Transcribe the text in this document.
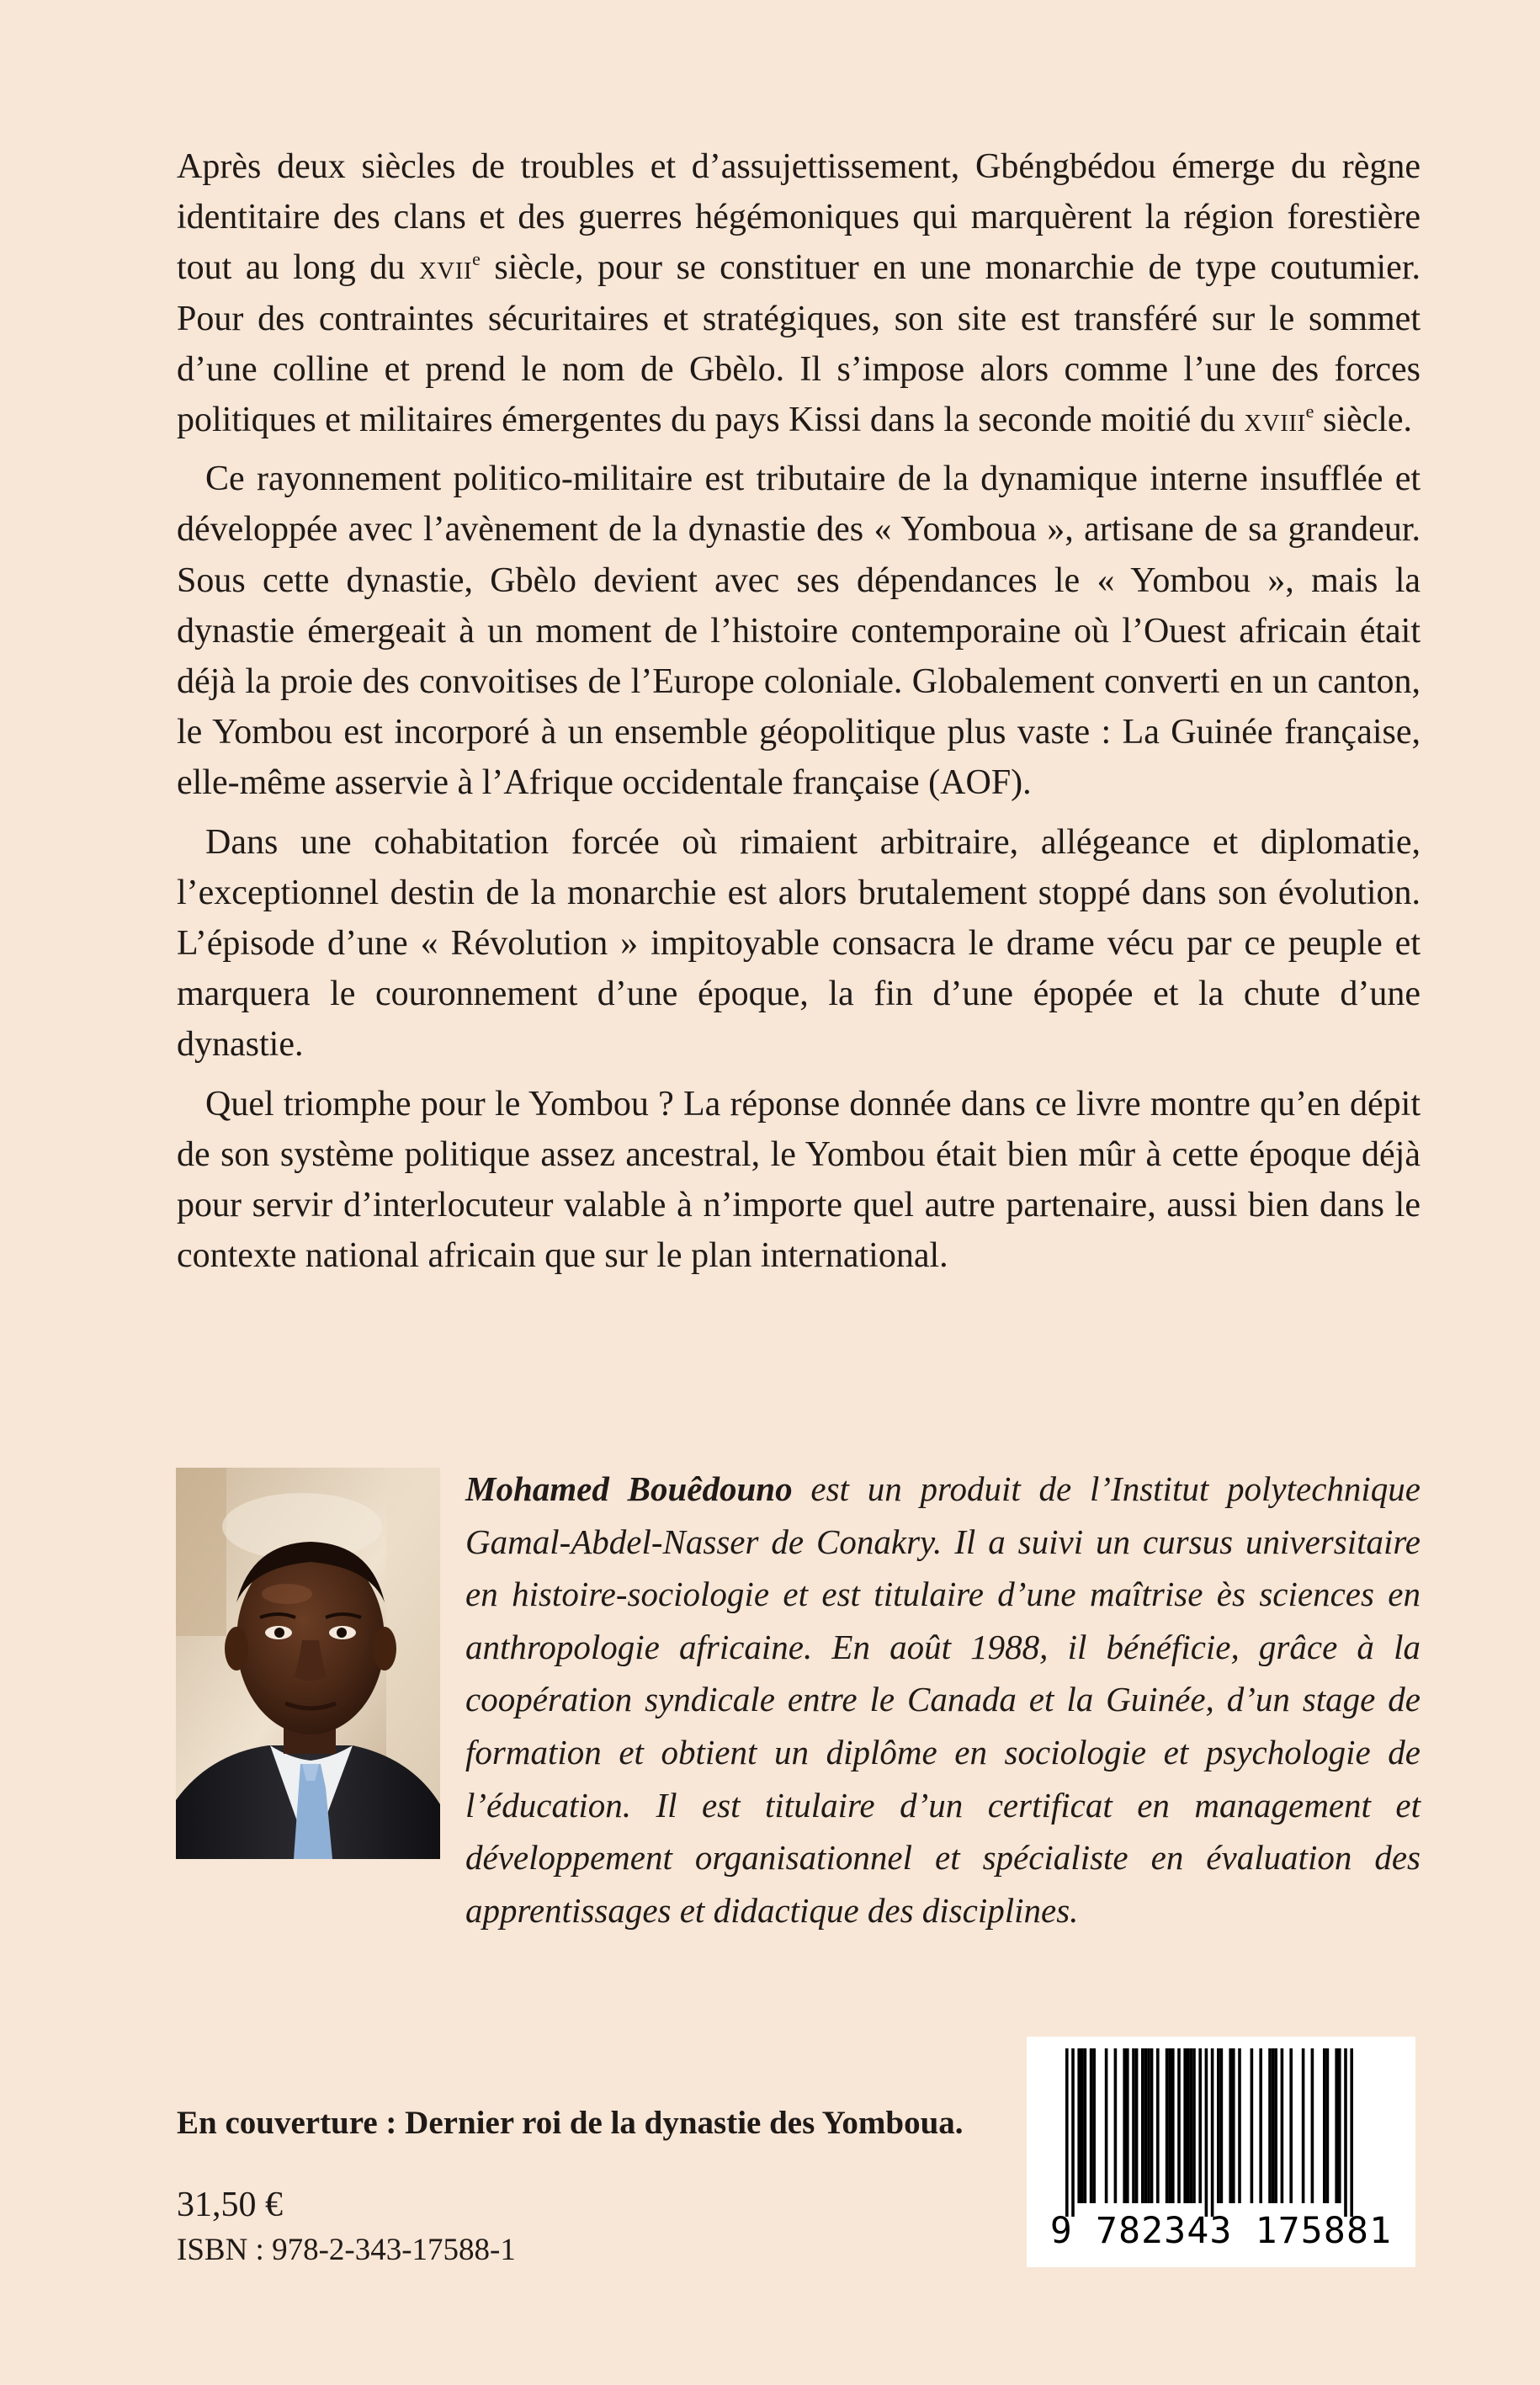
Après deux siècles de troubles et d’assujettissement, Gbéngbédou émerge du règne identitaire des clans et des guerres hégémoniques qui marquèrent la région forestière tout au long du xvii$^e$ siècle, pour se constituer en une monarchie de type coutumier. Pour des contraintes sécuritaires et stratégiques, son site est transféré sur le sommet d’une colline et prend le nom de Gbèlo. Il s’impose alors comme l’une des forces politiques et militaires émergentes du pays Kissi dans la seconde moitié du xviii$^e$ siècle.

Ce rayonnement politico-militaire est tributaire de la dynamique interne insufflée et développée avec l’avènement de la dynastie des « Yomboua », artisane de sa grandeur. Sous cette dynastie, Gbèlo devient avec ses dépendances le « Yombou », mais la dynastie émergeait à un moment de l’histoire contemporaine où l’Ouest africain était déjà la proie des convoitises de l’Europe coloniale. Globalement converti en un canton, le Yombou est incorporé à un ensemble géopolitique plus vaste : La Guinée française, elle-même asservie à l’Afrique occidentale française (AOF).

Dans une cohabitation forcée où rimaient arbitraire, allégeance et diplomatie, l’exceptionnel destin de la monarchie est alors brutalement stoppé dans son évolution. L’épisode d’une « Révolution » impitoyable consacra le drame vécu par ce peuple et marquera le couronnement d’une époque, la fin d’une épopée et la chute d’une dynastie.

Quel triomphe pour le Yombou ? La réponse donnée dans ce livre montre qu’en dépit de son système politique assez ancestral, le Yombou était bien mûr à cette époque déjà pour servir d’interlocuteur valable à n’importe quel autre partenaire, aussi bien dans le contexte national africain que sur le plan international.

Mohamed Bouêdouno est un produit de l’Institut polytechnique Gamal-Abdel-Nasser de Conakry. Il a suivi un cursus universitaire en histoire-sociologie et est titulaire d’une maîtrise ès sciences en anthropologie africaine. En août 1988, il bénéficie, grâce à la coopération syndicale entre le Canada et la Guinée, d’un stage de formation et obtient un diplôme en sociologie et psychologie de l’éducation. Il est titulaire d’un certificat en management et développement organisationnel et spécialiste en évaluation des apprentissages et didactique des disciplines.
En couverture : Dernier roi de la dynastie des Yomboua.
31,50 €
ISBN : 978-2-343-17588-1	9 782343 175881
